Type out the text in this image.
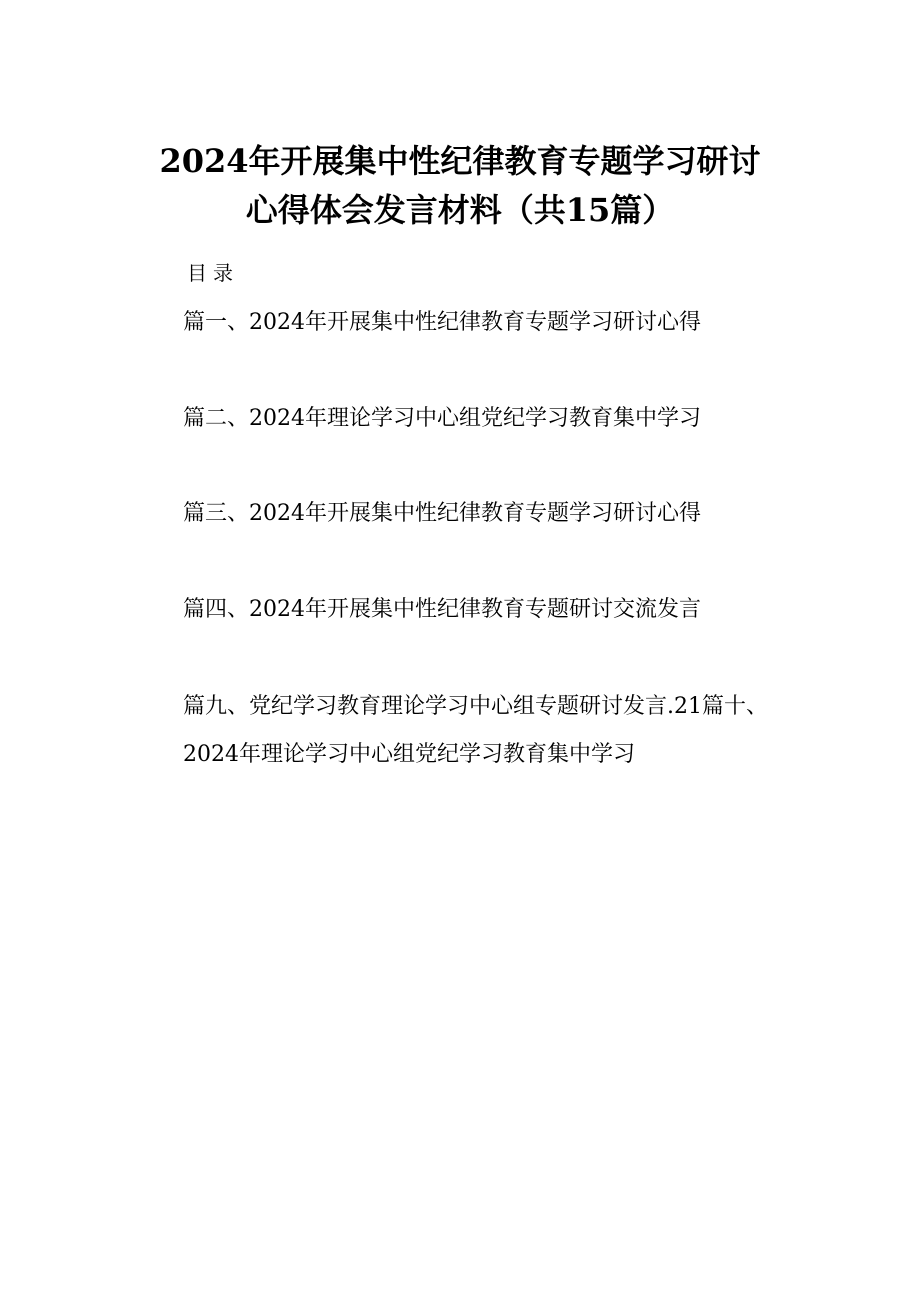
2024年开展集中性纪律教育专题学习研讨
心得体会发言材料（共15篇）
目录
篇一、2024年开展集中性纪律教育专题学习研讨心得
篇二、2024年理论学习中心组党纪学习教育集中学习
篇三、2024年开展集中性纪律教育专题学习研讨心得
篇四、2024年开展集中性纪律教育专题研讨交流发言
篇九、党纪学习教育理论学习中心组专题研讨发言.21篇十、
2024年理论学习中心组党纪学习教育集中学习
